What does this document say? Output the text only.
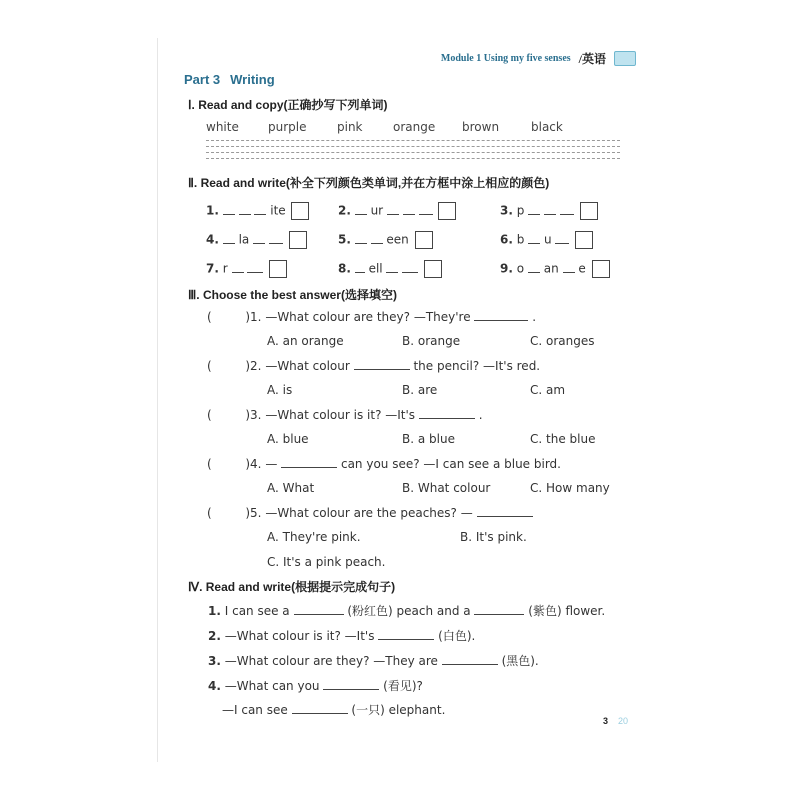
Module 1 Using my five senses /英语
Part 3 Writing
Ⅰ. Read and copy(正确抄写下列单词)
white purple	pink	orange brown	black
Ⅱ. Read and write(补全下列颜色类单词,并在方框中涂上相应的颜色)
1.	ite	2. ur	3. p
4. la	5.	een	6. b u
7. r	8. ell	9. o an e
Ⅲ. Choose the best answer(选择填空)
(	)1. —What colour are they? —They're	.
A. an orange	B. orange	C. oranges
(	)2. —What colour	the pencil? —It's red.
A. is	B. are	C. am
(	)3. —What colour is it? —It's	.
A. blue	B. a blue	C. the blue
(	)4. —	can you see? —I can see a blue bird.
A. What	B. What colour	C. How many
(	)5. —What colour are the peaches? —
A. They're pink.	B. It's pink.
C. It's a pink peach.
Ⅳ. Read and write(根据提示完成句子)
1. I can see a	(粉红色) peach and a	(紫色) flower.
2. —What colour is it? —It's	(白色).
3. —What colour are they? —They are	(黑色).
4. —What can you	(看见)?
—I can see	(一只) elephant.
3 20
